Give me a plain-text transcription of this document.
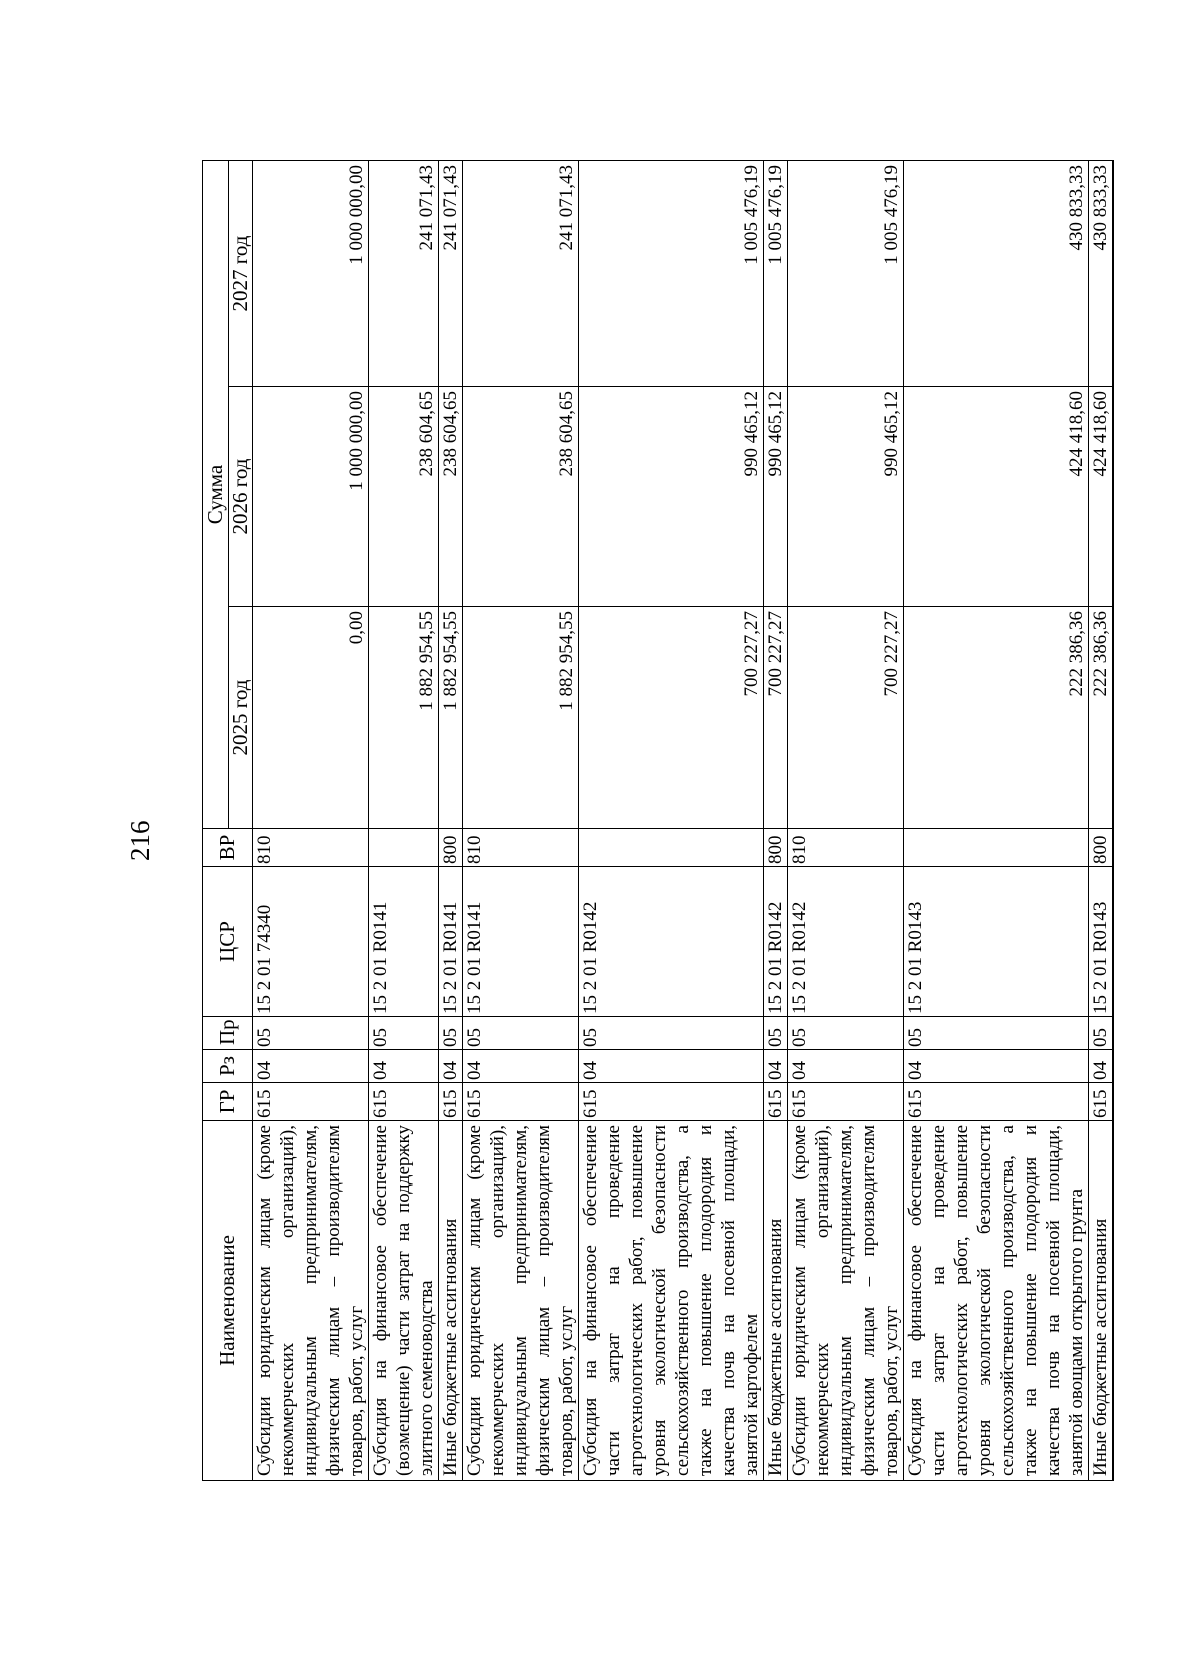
216
Наименование	ГР	Рз	Пр	ЦСР	ВР	Сумма		
						2025 год	2026 год	2027 год
Субсидии юридическим лицам (кроме некоммерческих организаций), индивидуальным предпринимателям, физическим лицам – производителям товаров, работ, услуг	615	04	05	15 2 01 74340	810	0,00	1 000 000,00	1 000 000,00
Субсидия на финансовое обеспечение (возмещение) части затрат на поддержку элитного семеноводства	615	04	05	15 2 01 R0141		1 882 954,55	238 604,65	241 071,43
Иные бюджетные ассигнования	615	04	05	15 2 01 R0141	800	1 882 954,55	238 604,65	241 071,43
Субсидии юридическим лицам (кроме некоммерческих организаций), индивидуальным предпринимателям, физическим лицам – производителям товаров, работ, услуг	615	04	05	15 2 01 R0141	810	1 882 954,55	238 604,65	241 071,43
Субсидия на финансовое обеспечение части затрат на проведение агротехнологических работ, повышение уровня экологической безопасности сельскохозяйственного производства, а также на повышение плодородия и качества почв на посевной площади, занятой картофелем	615	04	05	15 2 01 R0142		700 227,27	990 465,12	1 005 476,19
Иные бюджетные ассигнования	615	04	05	15 2 01 R0142	800	700 227,27	990 465,12	1 005 476,19
Субсидии юридическим лицам (кроме некоммерческих организаций), индивидуальным предпринимателям, физическим лицам – производителям товаров, работ, услуг	615	04	05	15 2 01 R0142	810	700 227,27	990 465,12	1 005 476,19
Субсидия на финансовое обеспечение части затрат на проведение агротехнологических работ, повышение уровня экологической безопасности сельскохозяйственного производства, а также на повышение плодородия и качества почв на посевной площади, занятой овощами открытого грунта	615	04	05	15 2 01 R0143		222 386,36	424 418,60	430 833,33
Иные бюджетные ассигнования	615	04	05	15 2 01 R0143	800	222 386,36	424 418,60	430 833,33
